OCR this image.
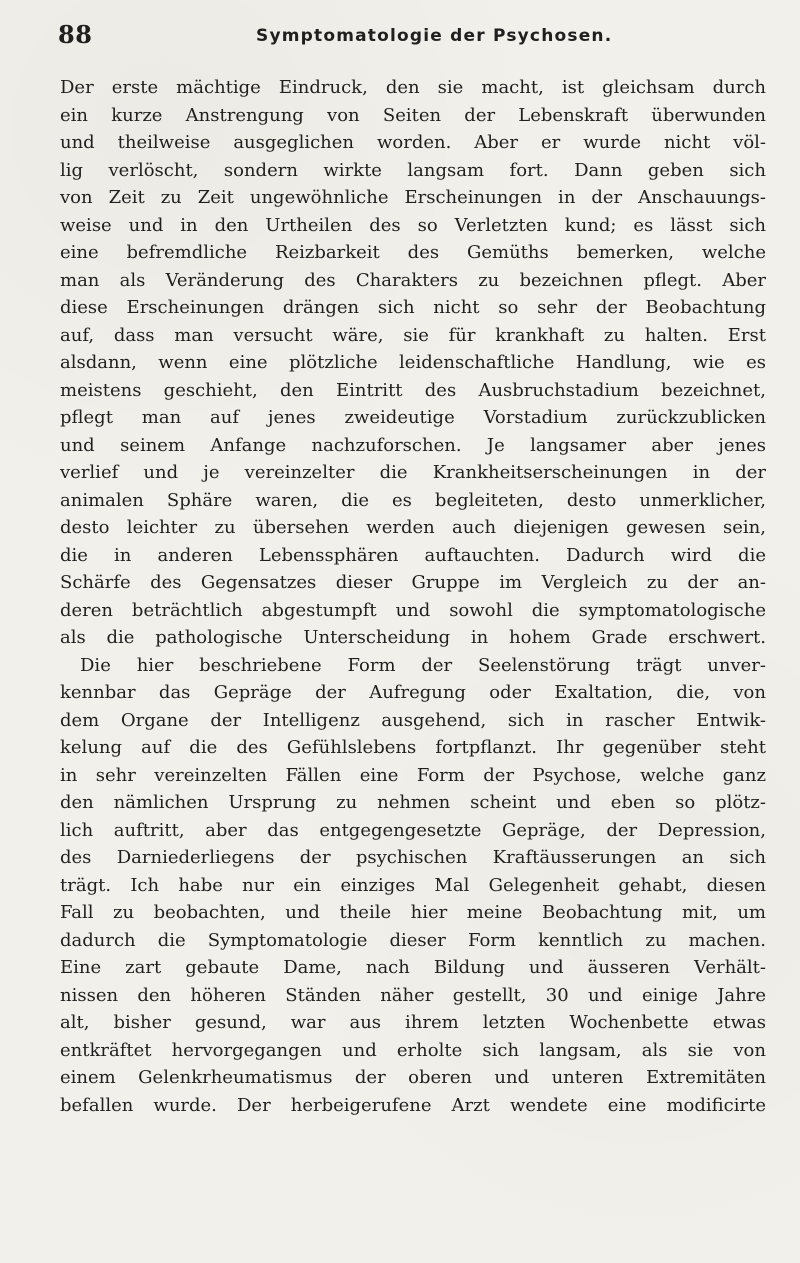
88	Symptomatologie der Psychosen.
Der erste mächtige Eindruck, den sie macht, ist gleichsam durch
ein kurze Anstrengung von Seiten der Lebenskraft überwunden
und theilweise ausgeglichen worden. Aber er wurde nicht völ-
lig verlöscht, sondern wirkte langsam fort. Dann geben sich
von Zeit zu Zeit ungewöhnliche Erscheinungen in der Anschauungs-
weise und in den Urtheilen des so Verletzten kund; es lässt sich
eine befremdliche Reizbarkeit des Gemüths bemerken, welche
man als Veränderung des Charakters zu bezeichnen pflegt. Aber
diese Erscheinungen drängen sich nicht so sehr der Beobachtung
auf, dass man versucht wäre, sie für krankhaft zu halten. Erst
alsdann, wenn eine plötzliche leidenschaftliche Handlung, wie es
meistens geschieht, den Eintritt des Ausbruchstadium bezeichnet,
pflegt man auf jenes zweideutige Vorstadium zurückzublicken
und seinem Anfange nachzuforschen. Je langsamer aber jenes
verlief und je vereinzelter die Krankheitserscheinungen in der
animalen Sphäre waren, die es begleiteten, desto unmerklicher,
desto leichter zu übersehen werden auch diejenigen gewesen sein,
die in anderen Lebenssphären auftauchten. Dadurch wird die
Schärfe des Gegensatzes dieser Gruppe im Vergleich zu der an-
deren beträchtlich abgestumpft und sowohl die symptomatologische
als die pathologische Unterscheidung in hohem Grade erschwert.
Die hier beschriebene Form der Seelenstörung trägt unver-
kennbar das Gepräge der Aufregung oder Exaltation, die, von
dem Organe der Intelligenz ausgehend, sich in rascher Entwik-
kelung auf die des Gefühlslebens fortpflanzt. Ihr gegenüber steht
in sehr vereinzelten Fällen eine Form der Psychose, welche ganz
den nämlichen Ursprung zu nehmen scheint und eben so plötz-
lich auftritt, aber das entgegengesetzte Gepräge, der Depression,
des Darniederliegens der psychischen Kraftäusserungen an sich
trägt. Ich habe nur ein einziges Mal Gelegenheit gehabt, diesen
Fall zu beobachten, und theile hier meine Beobachtung mit, um
dadurch die Symptomatologie dieser Form kenntlich zu machen.
Eine zart gebaute Dame, nach Bildung und äusseren Verhält-
nissen den höheren Ständen näher gestellt, 30 und einige Jahre
alt, bisher gesund, war aus ihrem letzten Wochenbette etwas
entkräftet hervorgegangen und erholte sich langsam, als sie von
einem Gelenkrheumatismus der oberen und unteren Extremitäten
befallen wurde. Der herbeigerufene Arzt wendete eine modificirte
